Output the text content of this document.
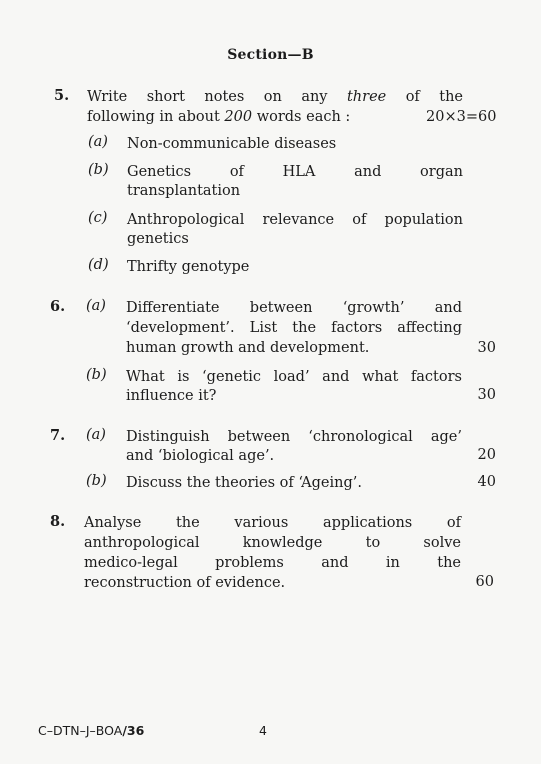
Section—B
5. Write short notes on any three of the
following in about 200 words each :	20×3=60
(a) Non-communicable diseases
(b) Genetics of HLA and organ
transplantation
(c) Anthropological relevance of population
genetics
(d) Thrifty genotype
6. (a) Differentiate between ‘growth’ and
‘development’. List the factors affecting
human growth and development.	30
(b) What is ‘genetic load’ and what factors
influence it?	30
7. (a) Distinguish between ‘chronological age’
and ‘biological age’.	20
(b) Discuss the theories of ‘Ageing’.	40
8. Analyse the various applications of
anthropological knowledge to solve
medico-legal problems and in the
reconstruction of evidence.	60
C–DTN–J–BOA/36	4
